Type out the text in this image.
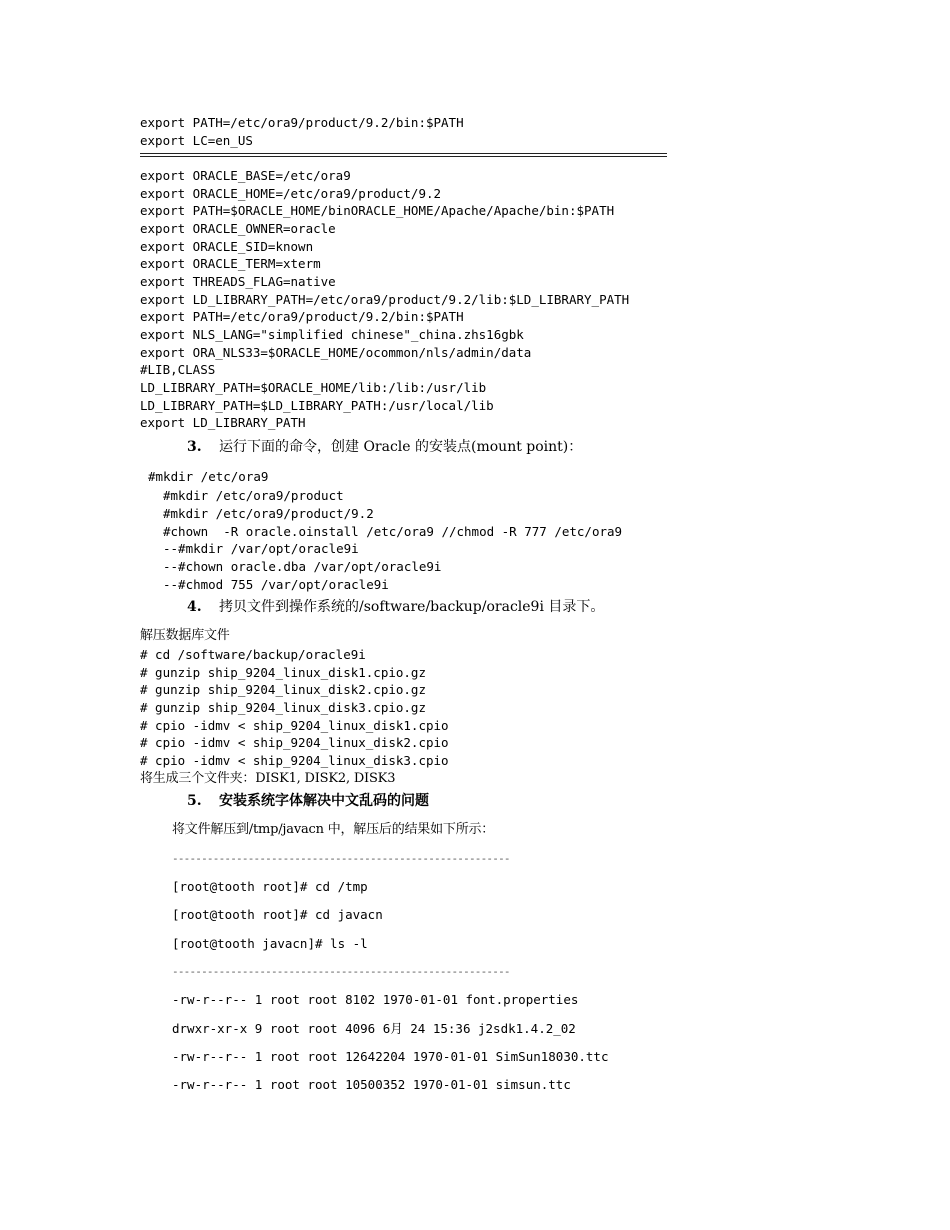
export PATH=/etc/ora9/product/9.2/bin:$PATH
export LC=en_US
export ORACLE_BASE=/etc/ora9
export ORACLE_HOME=/etc/ora9/product/9.2
export PATH=$ORACLE_HOME/binORACLE_HOME/Apache/Apache/bin:$PATH
export ORACLE_OWNER=oracle
export ORACLE_SID=known
export ORACLE_TERM=xterm
export THREADS_FLAG=native
export LD_LIBRARY_PATH=/etc/ora9/product/9.2/lib:$LD_LIBRARY_PATH
export PATH=/etc/ora9/product/9.2/bin:$PATH
export NLS_LANG="simplified chinese"_china.zhs16gbk
export ORA_NLS33=$ORACLE_HOME/ocommon/nls/admin/data
#LIB,CLASS
LD_LIBRARY_PATH=$ORACLE_HOME/lib:/lib:/usr/lib
LD_LIBRARY_PATH=$LD_LIBRARY_PATH:/usr/local/lib
export LD_LIBRARY_PATH
3. 运行下面的命令，创建 Oracle 的安装点(mount point)：
#mkdir /etc/ora9
#mkdir /etc/ora9/product
#mkdir /etc/ora9/product/9.2
#chown  -R oracle.oinstall /etc/ora9 //chmod -R 777 /etc/ora9
--#mkdir /var/opt/oracle9i
--#chown oracle.dba /var/opt/oracle9i
--#chmod 755 /var/opt/oracle9i
4. 拷贝文件到操作系统的/software/backup/oracle9i 目录下。
解压数据库文件
# cd /software/backup/oracle9i
# gunzip ship_9204_linux_disk1.cpio.gz
# gunzip ship_9204_linux_disk2.cpio.gz
# gunzip ship_9204_linux_disk3.cpio.gz
# cpio -idmv < ship_9204_linux_disk1.cpio
# cpio -idmv < ship_9204_linux_disk2.cpio
# cpio -idmv < ship_9204_linux_disk3.cpio
将生成三个文件夹：DISK1, DISK2, DISK3
5. 安装系统字体解决中文乱码的问题
将文件解压到/tmp/javacn 中，解压后的结果如下所示：
----------------------------------------------------------
[root@tooth root]# cd /tmp
[root@tooth root]# cd javacn
[root@tooth javacn]# ls -l
----------------------------------------------------------
-rw-r--r-- 1 root root 8102 1970-01-01 font.properties
drwxr-xr-x 9 root root 4096 6月 24 15:36 j2sdk1.4.2_02
-rw-r--r-- 1 root root 12642204 1970-01-01 SimSun18030.ttc
-rw-r--r-- 1 root root 10500352 1970-01-01 simsun.ttc
